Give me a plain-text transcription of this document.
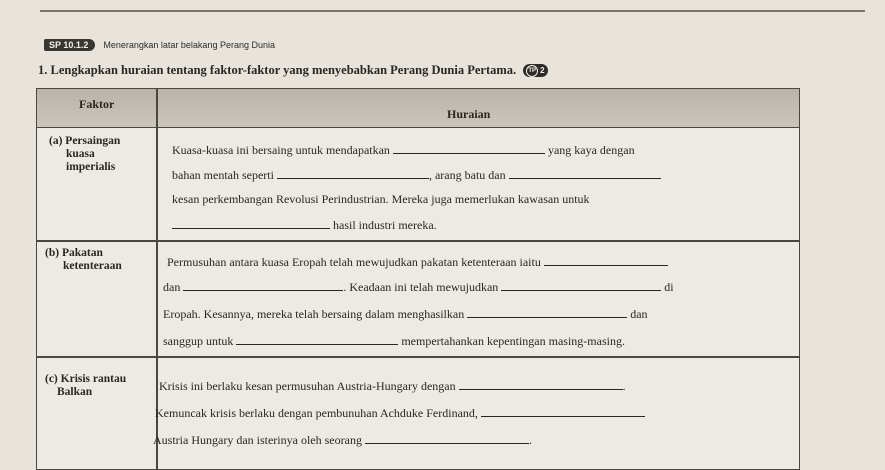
SP 10.1.2	Menerangkan latar belakang Perang Dunia
1. Lengkapkan huraian tentang faktor-faktor yang menyebabkan Perang Dunia Pertama.	TP 2
Faktor
Huraian
(a) Persaingan
kuasa
imperialis
Kuasa-kuasa ini bersaing untuk mendapatkan	yang kaya dengan
bahan mentah seperti	, arang batu dan
kesan perkembangan Revolusi Perindustrian. Mereka juga memerlukan kawasan untuk
hasil industri mereka.
(b) Pakatan
ketenteraan	Permusuhan antara kuasa Eropah telah mewujudkan pakatan ketenteraan iaitu
dan	. Keadaan ini telah mewujudkan	di
Eropah. Kesannya, mereka telah bersaing dalam menghasilkan	dan
sanggup untuk	mempertahankan kepentingan masing-masing.
(c) Krisis rantau
Balkan	Krisis ini berlaku kesan permusuhan Austria-Hungary dengan	.
Kemuncak krisis berlaku dengan pembunuhan Achduke Ferdinand,
Austria Hungary dan isterinya oleh seorang	.
